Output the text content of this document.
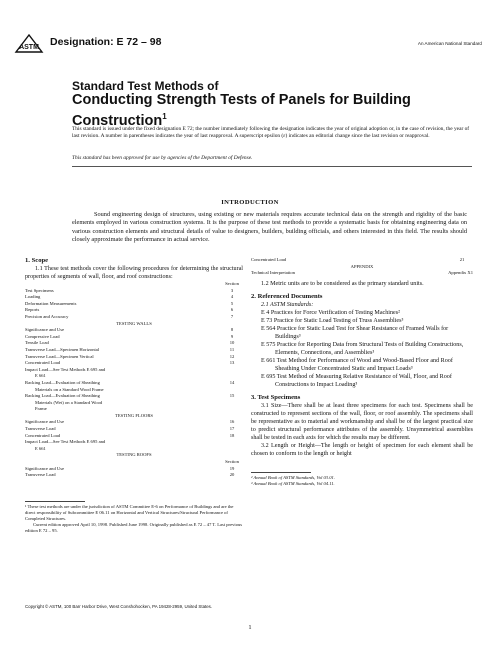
ASTM Designation: E 72 – 98	An American National Standard
Standard Test Methods of
Conducting Strength Tests of Panels for Building Construction$^1$
This standard is issued under the fixed designation E 72; the number immediately following the designation indicates the year of original adoption or, in the case of revision, the year of last revision. A number in parentheses indicates the year of last reapproval. A superscript epsilon (ε) indicates an editorial change since the last revision or reapproval.
This standard has been approved for use by agencies of the Department of Defense.
INTRODUCTION
Sound engineering design of structures, using existing or new materials requires accurate technical data on the strength and rigidity of the basic elements employed in various construction systems. It is the purpose of these test methods to provide a systematic basis for obtaining engineering data on various construction elements and structural details of value to designers, builders, building officials, and others interested in this field. The results should closely approximate the performance in actual service.

1. Scope

1.1 These test methods cover the following procedures for determining the structural properties of segments of wall, floor, and roof constructions:

Section
Test Specimens	3
Loading	4
Deformation Measurements	5
Reports	6
Precision and Accuracy	7
TESTING WALLS
Significance and Use	8
Compressive Load	9
Tensile Load	10
Transverse Load—Specimen Horizontal	11
Transverse Load—Specimen Vertical	12
Concentrated Load	13
Impact Load—See Test Methods E 695 and
E 661
Racking Load—Evaluation of Sheathing	14
Materials on a Standard Wood Frame
Racking Load—Evaluation of Sheathing	15
Materials (Wet) on a Standard Wood
Frame
TESTING FLOORS
Significance and Use	16
Transverse Load	17
Concentrated Load	18
Impact Load—See Test Methods E 695 and
E 661
TESTING ROOFS
Section
Significance and Use	19
Transverse Load	20

¹ These test methods are under the jurisdiction of ASTM Committee E-6 on Performance of Buildings and are the direct responsibility of Subcommittee E 06.11 on Horizontal and Vertical Structures/Structural Performance of Completed Structures.

Current edition approved April 10, 1998. Published June 1998. Originally published as E 72 – 47 T. Last previous edition E 72 – 95.

Concentrated Load	21
APPENDIX
Technical Interpretation	Appendix X1

1.2 Metric units are to be considered as the primary standard units.

2. Referenced Documents

2.1 ASTM Standards:

E 4 Practices for Force Verification of Testing Machines²

E 73 Practice for Static Load Testing of Truss Assemblies³

E 564 Practice for Static Load Test for Shear Resistance of Framed Walls for Buildings³

E 575 Practice for Reporting Data from Structural Tests of Building Constructions, Elements, Connections, and Assemblies³

E 661 Test Method for Performance of Wood and Wood-Based Floor and Roof Sheathing Under Concentrated Static and Impact Loads³

E 695 Test Method of Measuring Relative Resistance of Wall, Floor, and Roof Constructions to Impact Loading³

3. Test Specimens

3.1 Size—There shall be at least three specimens for each test. Specimens shall be constructed to represent sections of the wall, floor, or roof assembly. The specimens shall be representative as to material and workmanship and shall be of the largest practical size to predict structural performance attributes of the assembly. Unsymmetrical assemblies shall be tested in each axis for which the results may be different.

3.2 Length or Height—The length or height of specimen for each element shall be chosen to conform to the length or height

² Annual Book of ASTM Standards, Vol 03.01.

³ Annual Book of ASTM Standards, Vol 04.11.

Copyright © ASTM, 100 Barr Harbor Drive, West Conshohocken, PA 19428-2959, United States.
1
